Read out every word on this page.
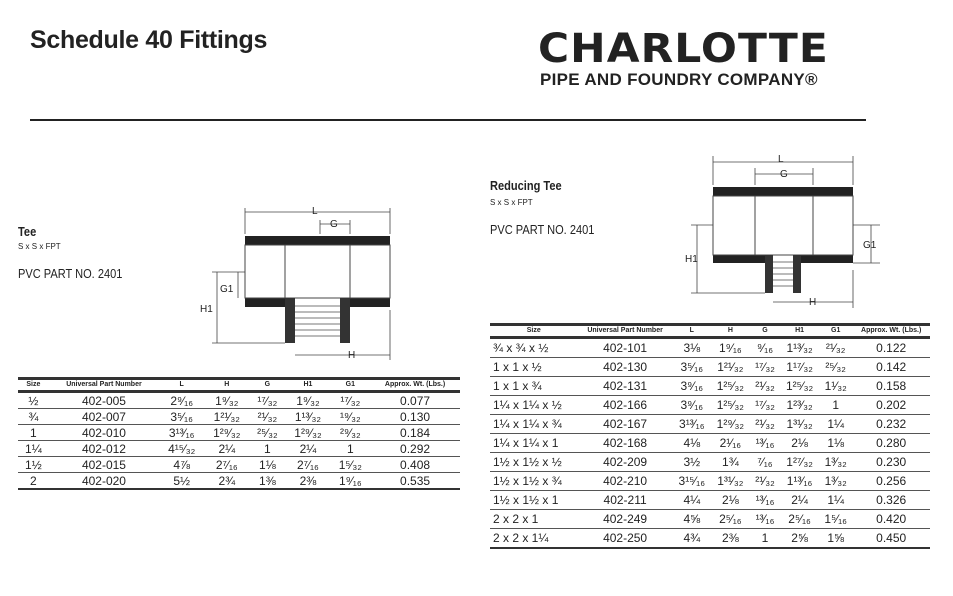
Schedule 40 Fittings	CHARLOTTE
PIPE AND FOUNDRY COMPANY®
Tee
S x S x FPT
PVC PART NO. 2401
L
G
G1
H1
H
Reducing Tee
S x S x FPT
PVC PART NO. 2401
L
G
H1
G1
H
Size	Universal Part Number	L	H	G	H1	G1	Approx. Wt. (Lbs.)
½	402-005	2⁹⁄₁₆	1⁹⁄₃₂	¹⁷⁄₃₂	1⁹⁄₃₂	¹⁷⁄₃₂	0.077
¾	402-007	3⁵⁄₁₆	1²¹⁄₃₂	²¹⁄₃₂	1¹³⁄₃₂	¹⁹⁄₃₂	0.130
1	402-010	3¹³⁄₁₆	1²⁹⁄₃₂	²⁵⁄₃₂	1²⁹⁄₃₂	²⁹⁄₃₂	0.184
1¼	402-012	4¹⁵⁄₃₂	2¼	1	2¼	1	0.292
1½	402-015	4⅞	2⁷⁄₁₆	1⅛	2⁷⁄₁₆	1⁵⁄₃₂	0.408
2	402-020	5½	2¾	1⅜	2⅜	1⁹⁄₁₆	0.535
Size	Universal Part Number	L	H	G	H1	G1	Approx. Wt. (Lbs.)
¾ x ¾ x ½	402-101	3⅛	1⁹⁄₁₆	⁹⁄₁₆	1¹³⁄₃₂	²¹⁄₃₂	0.122
1 x 1 x ½	402-130	3⁵⁄₁₆	1²¹⁄₃₂	¹⁷⁄₃₂	1¹⁷⁄₃₂	²⁵⁄₃₂	0.142
1 x 1 x ¾	402-131	3⁹⁄₁₆	1²⁵⁄₃₂	²¹⁄₃₂	1²⁵⁄₃₂	1¹⁄₃₂	0.158
1¼ x 1¼ x ½	402-166	3⁹⁄₁₆	1²⁵⁄₃₂	¹⁷⁄₃₂	1²³⁄₃₂	1	0.202
1¼ x 1¼ x ¾	402-167	3¹³⁄₁₆	1²⁹⁄₃₂	²¹⁄₃₂	1³¹⁄₃₂	1¼	0.232
1¼ x 1¼ x 1	402-168	4⅛	2¹⁄₁₆	¹³⁄₁₆	2⅛	1⅛	0.280
1½ x 1½ x ½	402-209	3½	1¾	⁷⁄₁₆	1²⁷⁄₃₂	1³⁄₃₂	0.230
1½ x 1½ x ¾	402-210	3¹⁵⁄₁₆	1³¹⁄₃₂	²¹⁄₃₂	1¹³⁄₁₆	1³⁄₃₂	0.256
1½ x 1½ x 1	402-211	4¼	2⅛	¹³⁄₁₆	2¼	1¼	0.326
2 x 2 x 1	402-249	4⅝	2⁵⁄₁₆	¹³⁄₁₆	2⁵⁄₁₆	1⁵⁄₁₆	0.420
2 x 2 x 1¼	402-250	4¾	2⅜	1	2⅝	1⅝	0.450
